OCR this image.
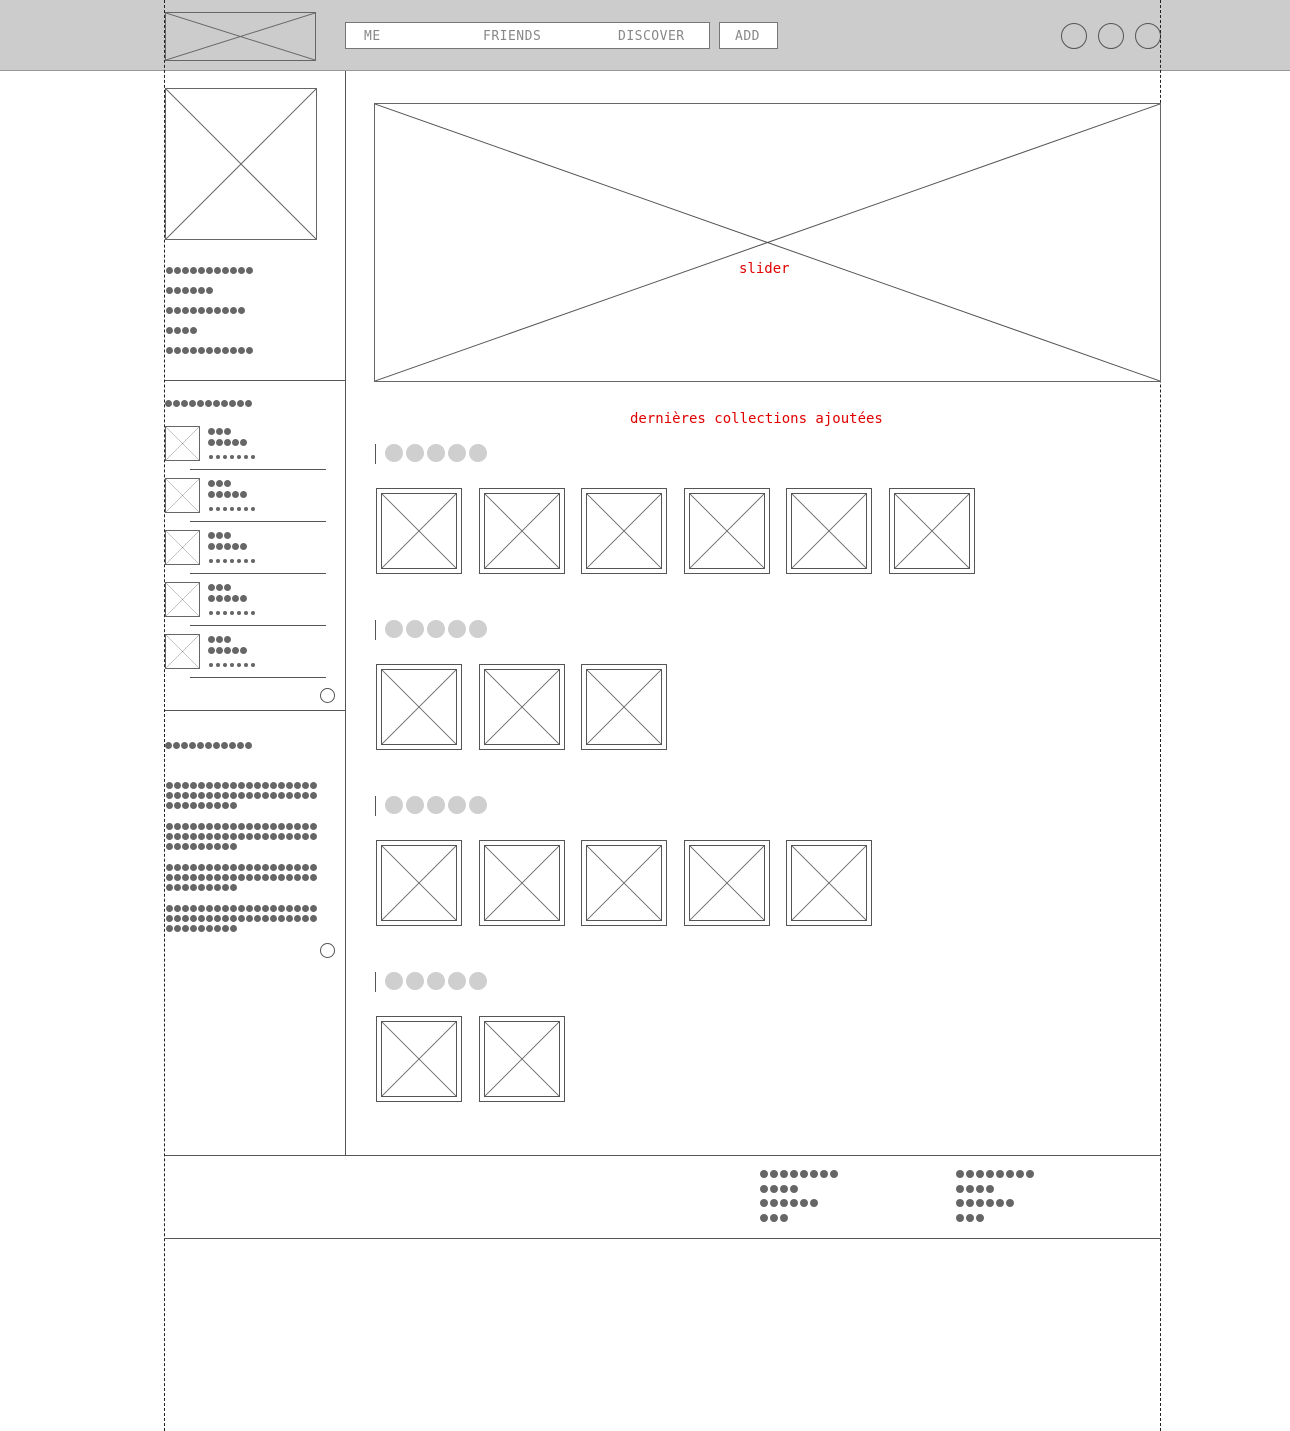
ME	FRIENDS	DISCOVER	ADD
slider
dernières collections ajoutées
